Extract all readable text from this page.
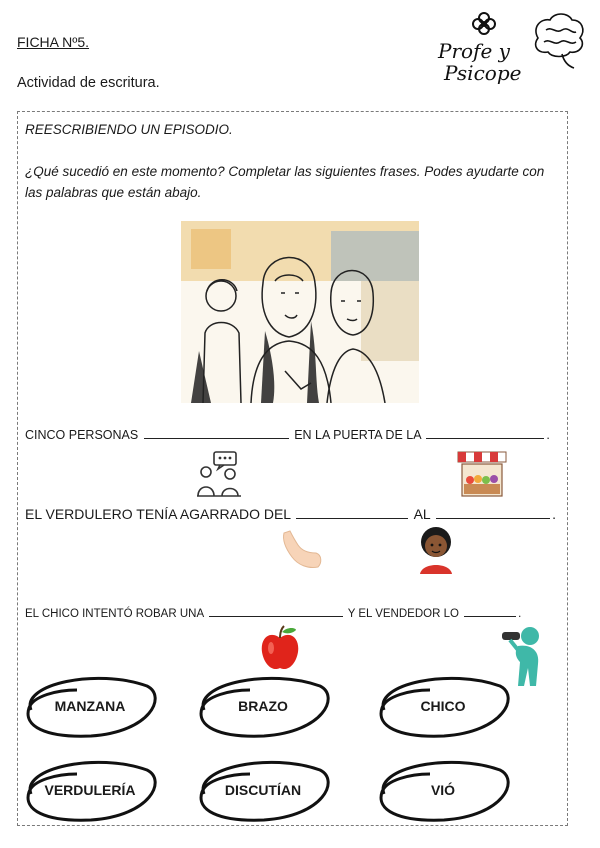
FICHA Nº5.
Actividad de escritura.
Profe y
Psicope
REESCRIBIENDO UN EPISODIO.
¿Qué sucedió en este momento? Completar las siguientes frases. Podes ayudarte con las palabras que están abajo.
CINCO PERSONAS	EN LA PUERTA DE LA	.
EL VERDULERO TENÍA AGARRADO DEL	AL	.
EL CHICO INTENTÓ ROBAR UNA	Y EL VENDEDOR LO	.
MANZANA	BRAZO	CHICO
VERDULERÍA	DISCUTÍAN	VIÓ
